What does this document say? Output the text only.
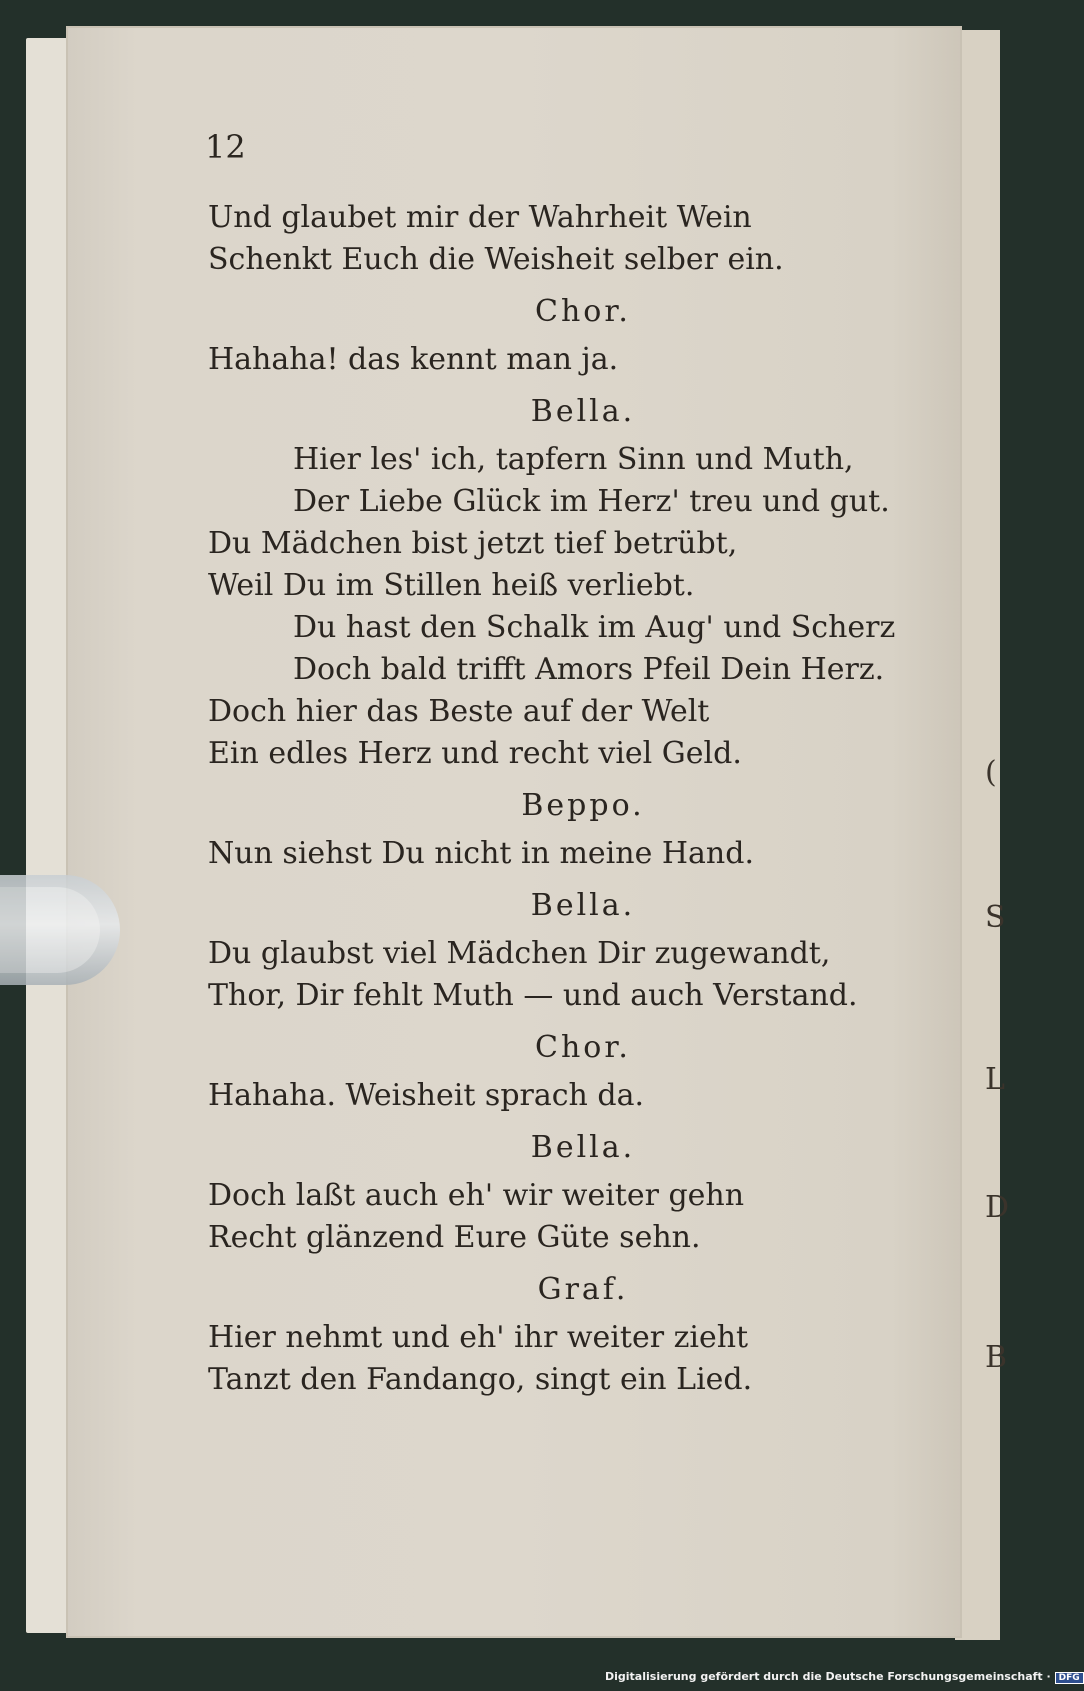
12
Und glaubet mir der Wahrheit Wein
Schenkt Euch die Weisheit selber ein.
Chor.
Hahaha! das kennt man ja.
Bella.
Hier les' ich, tapfern Sinn und Muth,
Der Liebe Glück im Herz' treu und gut.
Du Mädchen bist jetzt tief betrübt,
Weil Du im Stillen heiß verliebt.
Du hast den Schalk im Aug' und Scherz
Doch bald trifft Amors Pfeil Dein Herz.
Doch hier das Beste auf der Welt
Ein edles Herz und recht viel Geld.
Beppo.
Nun siehst Du nicht in meine Hand.
Bella.
Du glaubst viel Mädchen Dir zugewandt,
Thor, Dir fehlt Muth — und auch Verstand.
Chor.
Hahaha. Weisheit sprach da.
Bella.
Doch laßt auch eh' wir weiter gehn
Recht glänzend Eure Güte sehn.
Graf.
Hier nehmt und eh' ihr weiter zieht
Tanzt den Fandango, singt ein Lied.
(
S
L
D
B
Digitalisierung gefördert durch die Deutsche Forschungsgemeinschaft · DFG
